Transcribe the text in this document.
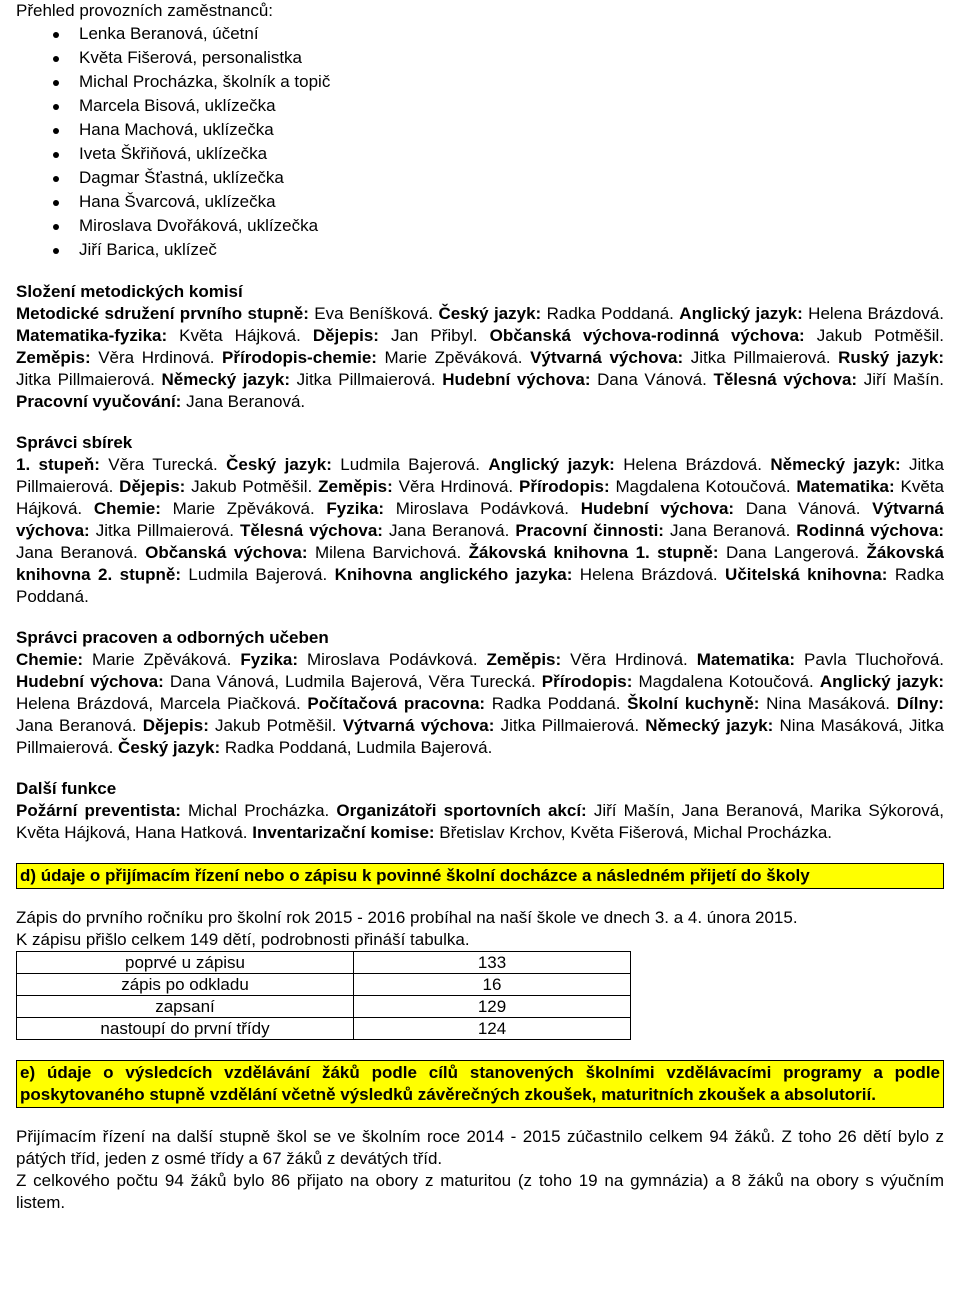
Přehled provozních zaměstnanců:
Lenka Beranová, účetní
Květa Fišerová, personalistka
Michal Procházka, školník a topič
Marcela Bisová, uklízečka
Hana Machová, uklízečka
Iveta Škřiňová, uklízečka
Dagmar Šťastná, uklízečka
Hana Švarcová, uklízečka
Miroslava Dvořáková, uklízečka
Jiří Barica, uklízeč
Složení metodických komisí

Metodické sdružení prvního stupně: Eva Beníšková. Český jazyk: Radka Poddaná. Anglický jazyk: Helena Brázdová. Matematika-fyzika: Květa Hájková. Dějepis: Jan Přibyl. Občanská výchova-rodinná výchova: Jakub Potměšil. Zeměpis: Věra Hrdinová. Přírodopis-chemie: Marie Zpěváková. Výtvarná výchova: Jitka Pillmaierová. Ruský jazyk: Jitka Pillmaierová. Německý jazyk: Jitka Pillmaierová. Hudební výchova: Dana Vánová. Tělesná výchova: Jiří Mašín. Pracovní vyučování: Jana Beranová.

Správci sbírek

1. stupeň: Věra Turecká. Český jazyk: Ludmila Bajerová. Anglický jazyk: Helena Brázdová. Německý jazyk: Jitka Pillmaierová. Dějepis: Jakub Potměšil. Zeměpis: Věra Hrdinová. Přírodopis: Magdalena Kotoučová. Matematika: Květa Hájková. Chemie: Marie Zpěváková. Fyzika: Miroslava Podávková. Hudební výchova: Dana Vánová. Výtvarná výchova: Jitka Pillmaierová. Tělesná výchova: Jana Beranová. Pracovní činnosti: Jana Beranová. Rodinná výchova: Jana Beranová. Občanská výchova: Milena Barvichová. Žákovská knihovna 1. stupně: Dana Langerová. Žákovská knihovna 2. stupně: Ludmila Bajerová. Knihovna anglického jazyka: Helena Brázdová. Učitelská knihovna: Radka Poddaná.

Správci pracoven a odborných učeben

Chemie: Marie Zpěváková. Fyzika: Miroslava Podávková. Zeměpis: Věra Hrdinová. Matematika: Pavla Tluchořová. Hudební výchova: Dana Vánová, Ludmila Bajerová, Věra Turecká. Přírodopis: Magdalena Kotoučová. Anglický jazyk: Helena Brázdová, Marcela Piačková. Počítačová pracovna: Radka Poddaná. Školní kuchyně: Nina Masáková. Dílny: Jana Beranová. Dějepis: Jakub Potměšil. Výtvarná výchova: Jitka Pillmaierová. Německý jazyk: Nina Masáková, Jitka Pillmaierová. Český jazyk: Radka Poddaná, Ludmila Bajerová.

Další funkce

Požární preventista: Michal Procházka. Organizátoři sportovních akcí: Jiří Mašín, Jana Beranová, Marika Sýkorová, Květa Hájková, Hana Hatková. Inventarizační komise: Břetislav Krchov, Květa Fišerová, Michal Procházka.

d) údaje o přijímacím řízení nebo o zápisu k povinné školní docházce a následném přijetí do školy

Zápis do prvního ročníku pro školní rok 2015 - 2016 probíhal na naší škole ve dnech 3. a 4. února 2015.

K zápisu přišlo celkem 149 dětí, podrobnosti přináší tabulka.

poprvé u zápisu	133
zápis po odkladu	16
zapsaní	129
nastoupí do první třídy	124
e) údaje o výsledcích vzdělávání žáků podle cílů stanovených školními vzdělávacími programy a podle poskytovaného stupně vzdělání včetně výsledků závěrečných zkoušek, maturitních zkoušek a absolutorií.

Přijímacím řízení na další stupně škol se ve školním roce 2014 - 2015 zúčastnilo celkem 94 žáků. Z toho 26 dětí bylo z pátých tříd, jeden z osmé třídy a 67 žáků z devátých tříd.

Z celkového počtu 94 žáků bylo 86 přijato na obory z maturitou (z toho 19 na gymnázia) a 8 žáků na obory s výučním listem.
